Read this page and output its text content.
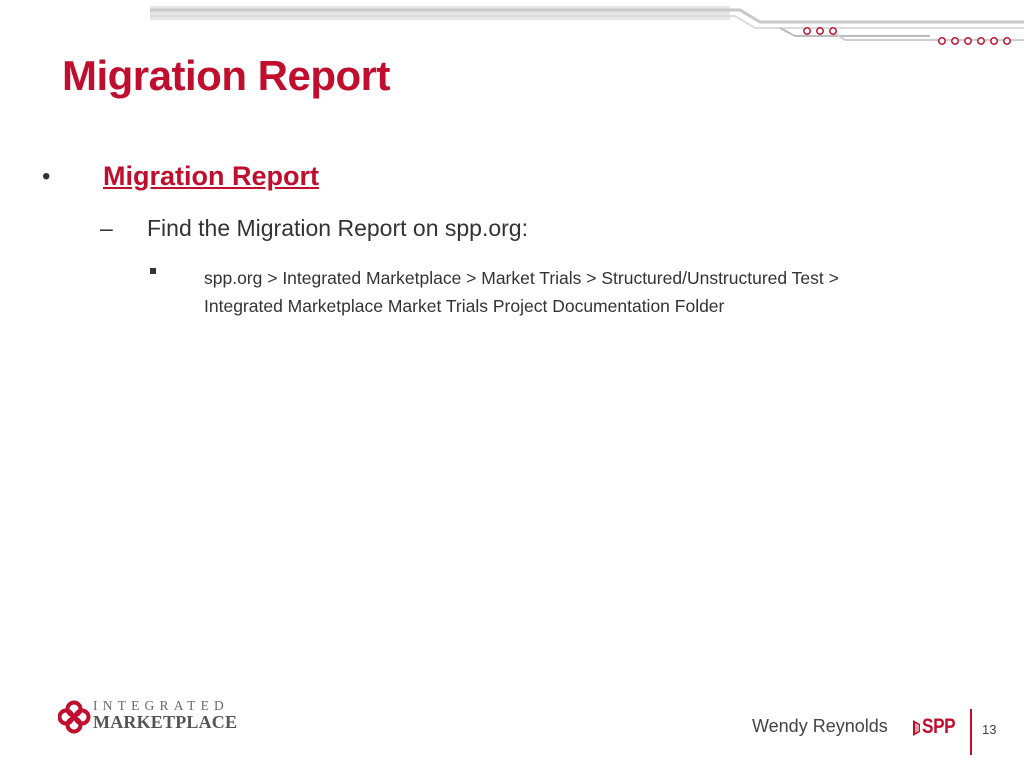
Migration Report
• Migration Report
– Find the Migration Report on spp.org:
spp.org > Integrated Marketplace > Market Trials > Structured/Unstructured Test >
Integrated Marketplace Market Trials Project Documentation Folder
INTEGRATED
MARKETPLACE	Wendy Reynolds SPP 13
